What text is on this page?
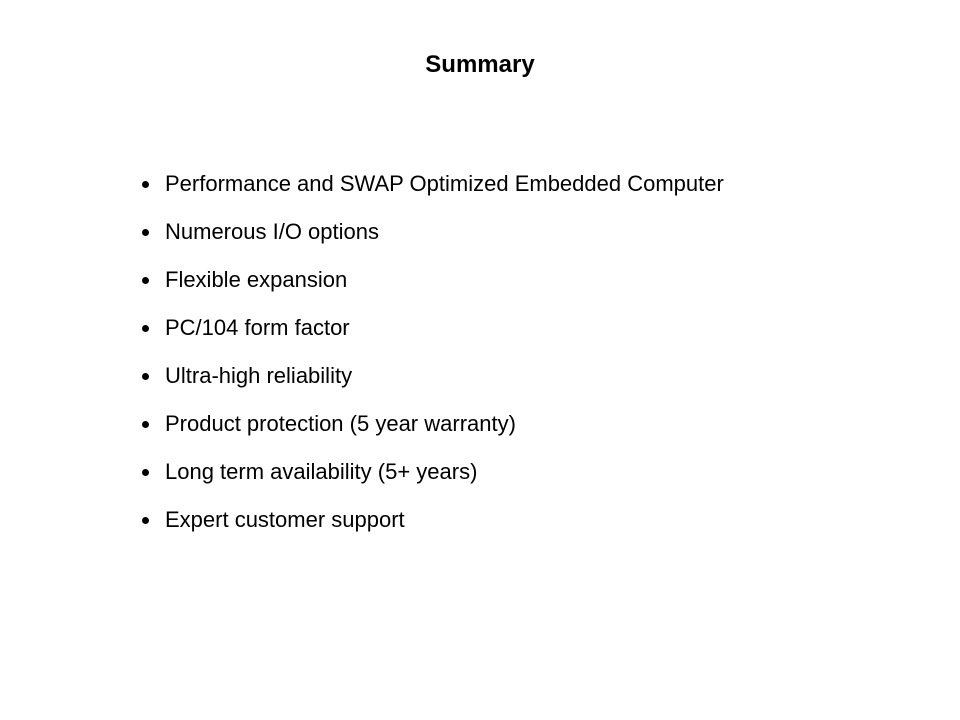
Summary
Performance and SWAP Optimized Embedded Computer
Numerous I/O options
Flexible expansion
PC/104 form factor
Ultra-high reliability
Product protection (5 year warranty)
Long term availability (5+ years)
Expert customer support
